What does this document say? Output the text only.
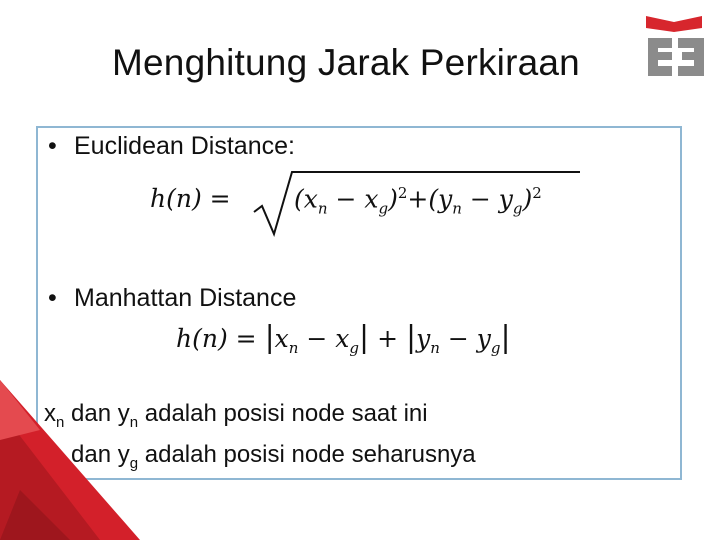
Menghitung Jarak Perkiraan
• Euclidean Distance:
h(n) =	$(x_n - x_g)^2+(y_n - y_g)^2$
• Manhattan Distance
$h(n) = |x_n - x_g| + |y_n - y_g|$
$x_n$ dan $y_n$ adalah posisi node saat ini
dan $y_g$ adalah posisi node seharusnya
